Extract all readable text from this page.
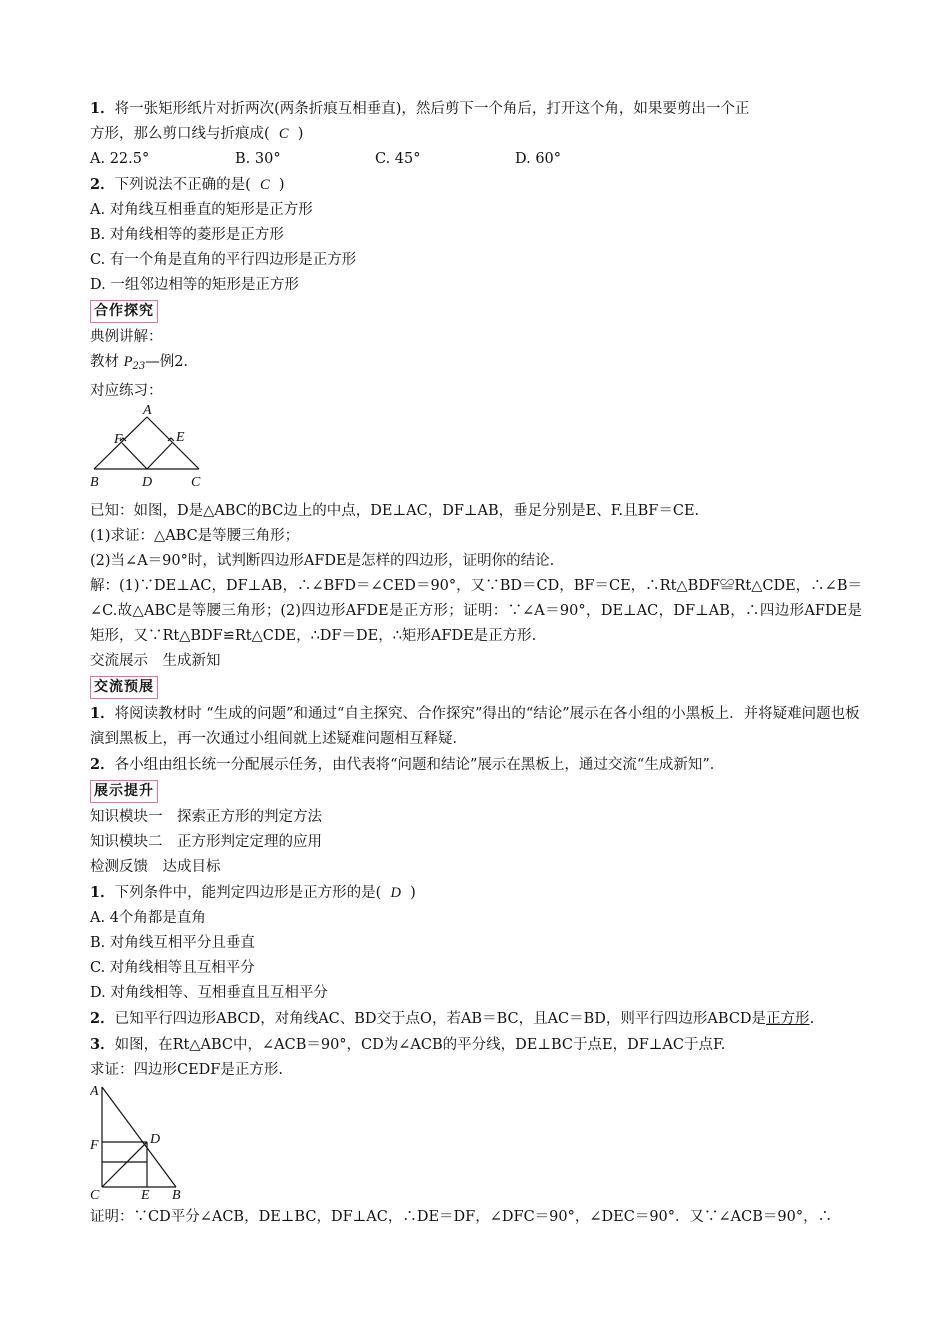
1．将一张矩形纸片对折两次(两条折痕互相垂直)，然后剪下一个角后，打开这个角，如果要剪出一个正
方形，那么剪口线与折痕成( C )
A. 22.5°	B. 30°	C. 45°	D. 60°
2．下列说法不正确的是( C )
A. 对角线互相垂直的矩形是正方形
B. 对角线相等的菱形是正方形
C. 有一个角是直角的平行四边形是正方形
D. 一组邻边相等的矩形是正方形
合作探究
典例讲解：
教材 $P_{23}—$例2.
对应练习：
A
F	E
B	D	C
已知：如图，D是△ABC的BC边上的中点，DE⊥AC，DF⊥AB，垂足分别是E、F.且BF＝CE.
(1)求证：△ABC是等腰三角形；
(2)当∠A＝90°时，试判断四边形AFDE是怎样的四边形，证明你的结论.
解：(1)∵DE⊥AC，DF⊥AB，∴∠BFD＝∠CED＝90°，又∵BD＝CD，BF＝CE，∴Rt△BDF≌Rt△CDE，∴∠B＝∠C.故△ABC是等腰三角形；(2)四边形AFDE是正方形；证明：∵∠A＝90°，DE⊥AC，DF⊥AB，∴四边形AFDE是矩形，又∵Rt△BDF≌Rt△CDE，∴DF＝DE，∴矩形AFDE是正方形.
交流展示　生成新知
交流预展
1．将阅读教材时 “生成的问题”和通过“自主探究、合作探究”得出的“结论”展示在各小组的小黑板上．并将疑难问题也板演到黑板上，再一次通过小组间就上述疑难问题相互释疑．
2．各小组由组长统一分配展示任务，由代表将“问题和结论”展示在黑板上，通过交流“生成新知”．
展示提升
知识模块一　探索正方形的判定方法
知识模块二　正方形判定定理的应用
检测反馈　达成目标
1．下列条件中，能判定四边形是正方形的是( D )
A. 4个角都是直角
B. 对角线互相平分且垂直
C. 对角线相等且互相平分
D. 对角线相等、互相垂直且互相平分
2．已知平行四边形ABCD，对角线AC、BD交于点O，若AB＝BC，且AC＝BD，则平行四边形ABCD是正方形.
3．如图，在Rt△ABC中，∠ACB＝90°，CD为∠ACB的平分线，DE⊥BC于点E，DF⊥AC于点F.
求证：四边形CEDF是正方形.
A
F	D
C	E B
证明：∵CD平分∠ACB，DE⊥BC，DF⊥AC，∴DE＝DF，∠DFC＝90°，∠DEC＝90°．又∵∠ACB＝90°，∴
